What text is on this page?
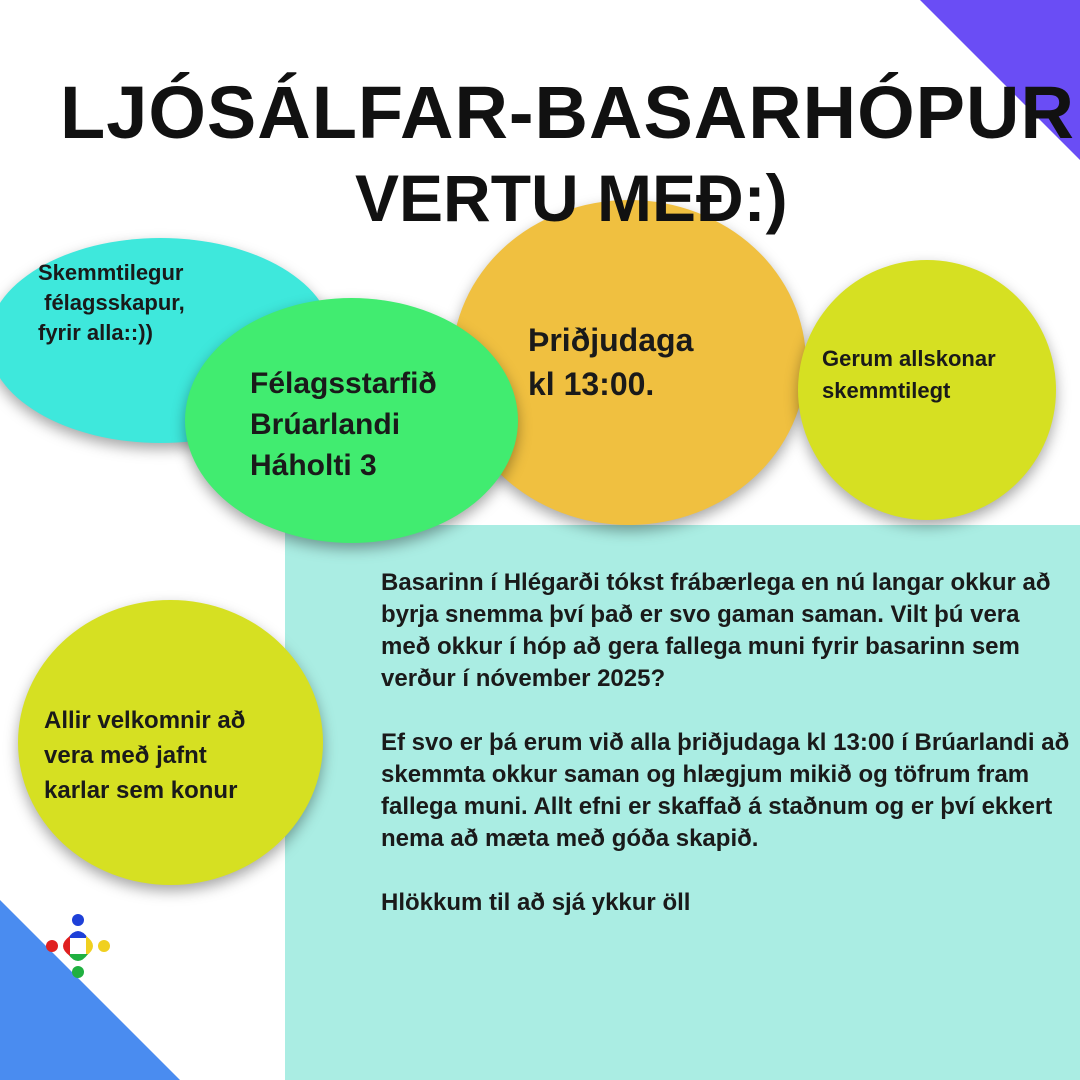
LJÓSÁLFAR-BASARHÓPUR
VERTU MEÐ:)
Skemmtilegur
félagsskapur,
fyrir alla::))
Félagsstarfið
Brúarlandi
Háholti 3
Þriðjudaga
kl 13:00.
Gerum allskonar
skemmtilegt
Allir velkomnir að
vera með jafnt
karlar sem konur

Basarinn í Hlégarði tókst frábærlega en nú langar okkur að byrja snemma því það er svo gaman saman. Vilt þú vera með okkur í hóp að gera fallega muni fyrir basarinn sem verður í nóvember 2025?

Ef svo er þá erum við alla þriðjudaga kl 13:00 í Brúarlandi að skemmta okkur saman og hlægjum mikið og töfrum fram fallega muni. Allt efni er skaffað á staðnum og er því ekkert nema að mæta með góða skapið.

Hlökkum til að sjá ykkur öll
